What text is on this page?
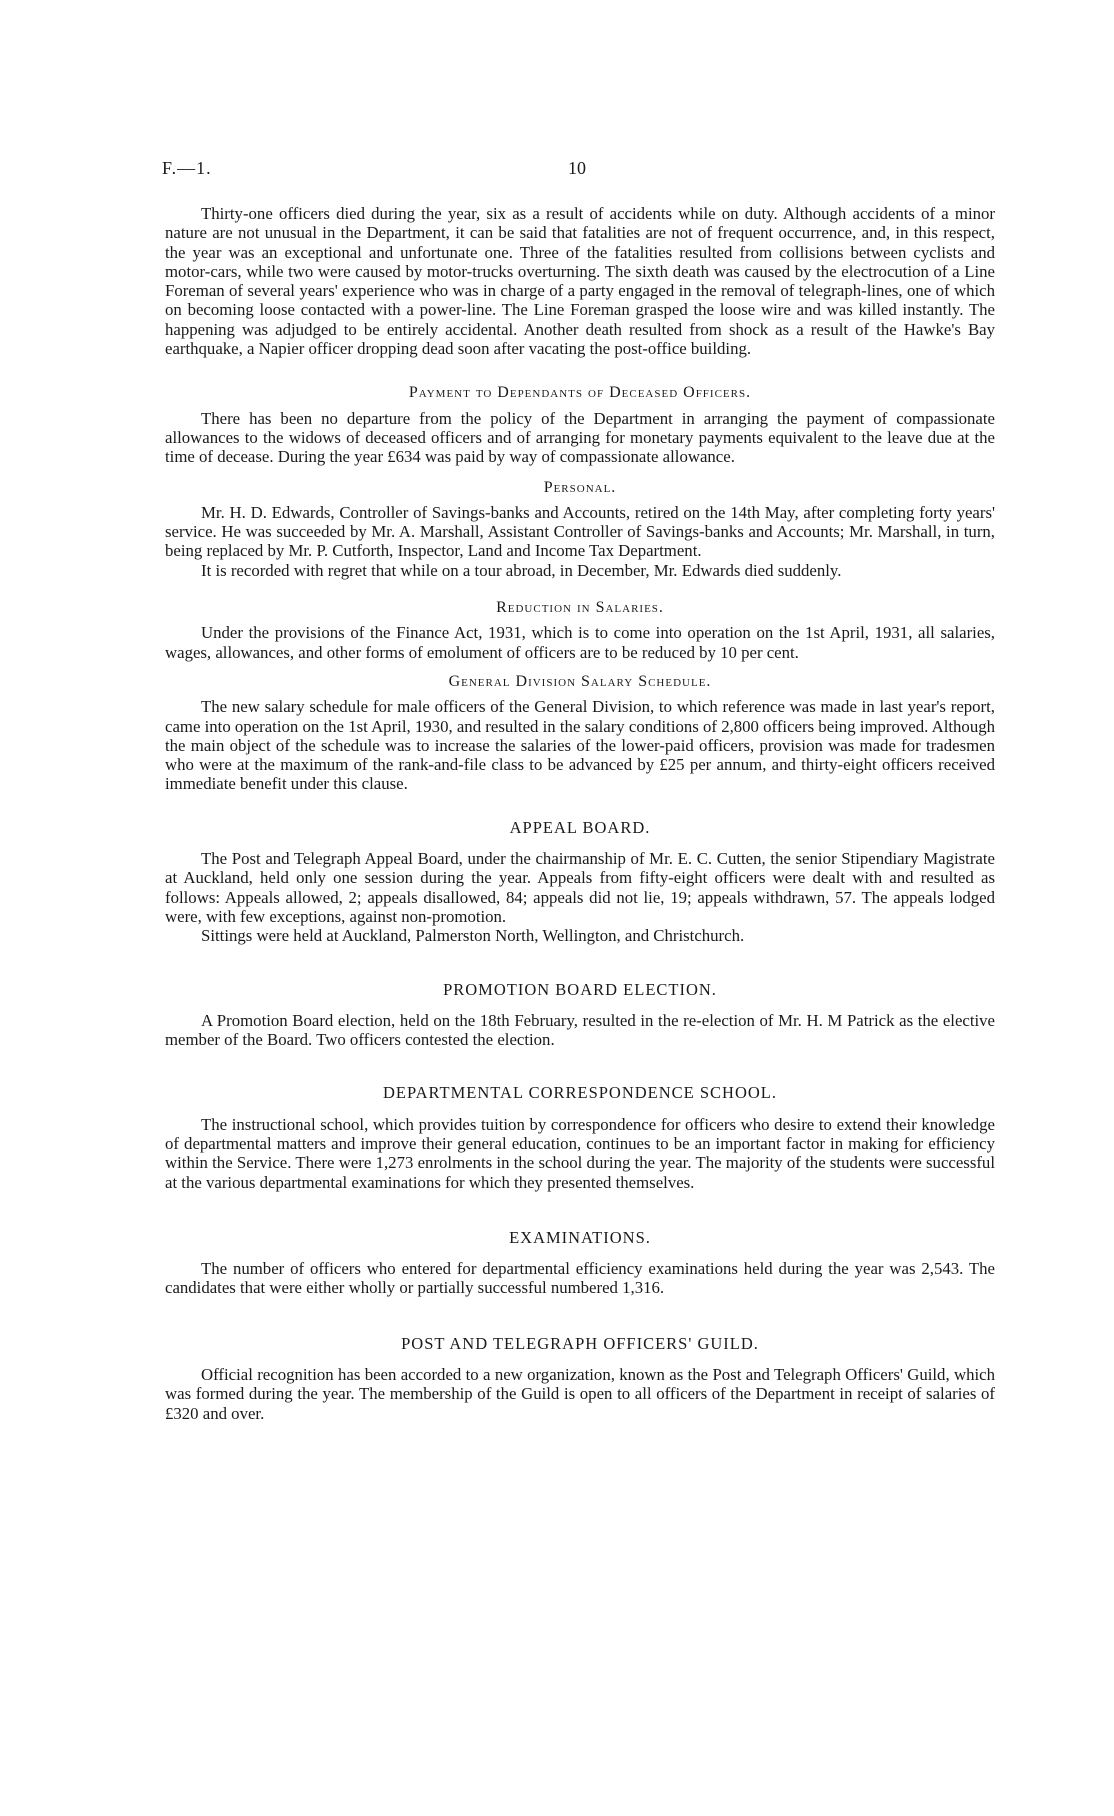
F.—1.	10

Thirty-one officers died during the year, six as a result of accidents while on duty. Although accidents of a minor nature are not unusual in the Department, it can be said that fatalities are not of frequent occurrence, and, in this respect, the year was an exceptional and unfortunate one. Three of the fatalities resulted from collisions between cyclists and motor-cars, while two were caused by motor-trucks overturning. The sixth death was caused by the electrocution of a Line Foreman of several years' experience who was in charge of a party engaged in the removal of telegraph-lines, one of which on becoming loose contacted with a power-line. The Line Foreman grasped the loose wire and was killed instantly. The happening was adjudged to be entirely accidental. Another death resulted from shock as a result of the Hawke's Bay earthquake, a Napier officer dropping dead soon after vacating the post-office building.

Payment to Dependants of Deceased Officers.

There has been no departure from the policy of the Department in arranging the payment of compassionate allowances to the widows of deceased officers and of arranging for monetary payments equivalent to the leave due at the time of decease. During the year £634 was paid by way of compassionate allowance.

Personal.

Mr. H. D. Edwards, Controller of Savings-banks and Accounts, retired on the 14th May, after completing forty years' service. He was succeeded by Mr. A. Marshall, Assistant Controller of Savings-banks and Accounts; Mr. Marshall, in turn, being replaced by Mr. P. Cutforth, Inspector, Land and Income Tax Department.

It is recorded with regret that while on a tour abroad, in December, Mr. Edwards died suddenly.

Reduction in Salaries.

Under the provisions of the Finance Act, 1931, which is to come into operation on the 1st April, 1931, all salaries, wages, allowances, and other forms of emolument of officers are to be reduced by 10 per cent.

General Division Salary Schedule.

The new salary schedule for male officers of the General Division, to which reference was made in last year's report, came into operation on the 1st April, 1930, and resulted in the salary conditions of 2,800 officers being improved. Although the main object of the schedule was to increase the salaries of the lower-paid officers, provision was made for tradesmen who were at the maximum of the rank-and-file class to be advanced by £25 per annum, and thirty-eight officers received immediate benefit under this clause.

APPEAL BOARD.

The Post and Telegraph Appeal Board, under the chairmanship of Mr. E. C. Cutten, the senior Stipendiary Magistrate at Auckland, held only one session during the year. Appeals from fifty-eight officers were dealt with and resulted as follows: Appeals allowed, 2; appeals disallowed, 84; appeals did not lie, 19; appeals withdrawn, 57. The appeals lodged were, with few exceptions, against non-promotion.

Sittings were held at Auckland, Palmerston North, Wellington, and Christchurch.

PROMOTION BOARD ELECTION.

A Promotion Board election, held on the 18th February, resulted in the re-election of Mr. H. M Patrick as the elective member of the Board. Two officers contested the election.

DEPARTMENTAL CORRESPONDENCE SCHOOL.

The instructional school, which provides tuition by correspondence for officers who desire to extend their knowledge of departmental matters and improve their general education, continues to be an important factor in making for efficiency within the Service. There were 1,273 enrolments in the school during the year. The majority of the students were successful at the various departmental examinations for which they presented themselves.

EXAMINATIONS.

The number of officers who entered for departmental efficiency examinations held during the year was 2,543. The candidates that were either wholly or partially successful numbered 1,316.

POST AND TELEGRAPH OFFICERS' GUILD.

Official recognition has been accorded to a new organization, known as the Post and Telegraph Officers' Guild, which was formed during the year. The membership of the Guild is open to all officers of the Department in receipt of salaries of £320 and over.
